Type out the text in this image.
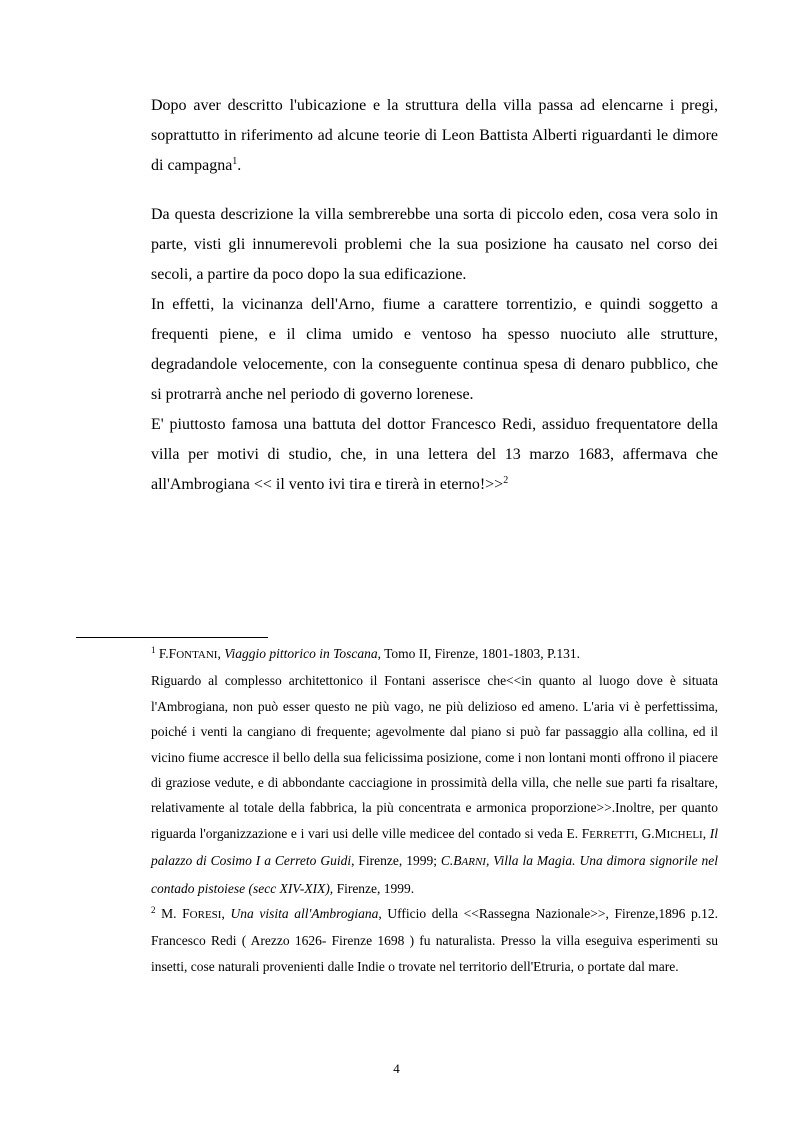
Dopo aver descritto l'ubicazione e la struttura della villa passa ad elencarne i pregi, soprattutto in riferimento ad alcune teorie di Leon Battista Alberti riguardanti le dimore di campagna$^1$.

Da questa descrizione la villa sembrerebbe una sorta di piccolo eden, cosa vera solo in parte, visti gli innumerevoli problemi che la sua posizione ha causato nel corso dei secoli, a partire da poco dopo la sua edificazione.

In effetti, la vicinanza dell'Arno, fiume a carattere torrentizio, e quindi soggetto a frequenti piene, e il clima umido e ventoso ha spesso nuociuto alle strutture, degradandole velocemente, con la conseguente continua spesa di denaro pubblico, che si protrarrà anche nel periodo di governo lorenese.

E' piuttosto famosa una battuta del dottor Francesco Redi, assiduo frequentatore della villa per motivi di studio, che, in una lettera del 13 marzo 1683, affermava che all'Ambrogiana << il vento ivi tira e tirerà in eterno!>>$^2$

$^1$ F.FONTANI, Viaggio pittorico in Toscana, Tomo II, Firenze, 1801-1803, P.131.

Riguardo al complesso architettonico il Fontani asserisce che<<in quanto al luogo dove è situata l'Ambrogiana, non può esser questo ne più vago, ne più delizioso ed ameno. L'aria vi è perfettissima, poiché i venti la cangiano di frequente; agevolmente dal piano si può far passaggio alla collina, ed il vicino fiume accresce il bello della sua felicissima posizione, come i non lontani monti offrono il piacere di graziose vedute, e di abbondante cacciagione in prossimità della villa, che nelle sue parti fa risaltare, relativamente al totale della fabbrica, la più concentrata e armonica proporzione>>.Inoltre, per quanto riguarda l'organizzazione e i vari usi delle ville medicee del contado si veda E. FERRETTI, G.MICHELI, Il palazzo di Cosimo I a Cerreto Guidi, Firenze, 1999; C.BARNI, Villa la Magia. Una dimora signorile nel contado pistoiese (secc XIV-XIX), Firenze, 1999.

$^2$ M. FORESI, Una visita all'Ambrogiana, Ufficio della <<Rassegna Nazionale>>, Firenze,1896 p.12. Francesco Redi ( Arezzo 1626- Firenze 1698 ) fu naturalista. Presso la villa eseguiva esperimenti su insetti, cose naturali provenienti dalle Indie o trovate nel territorio dell'Etruria, o portate dal mare.

4
